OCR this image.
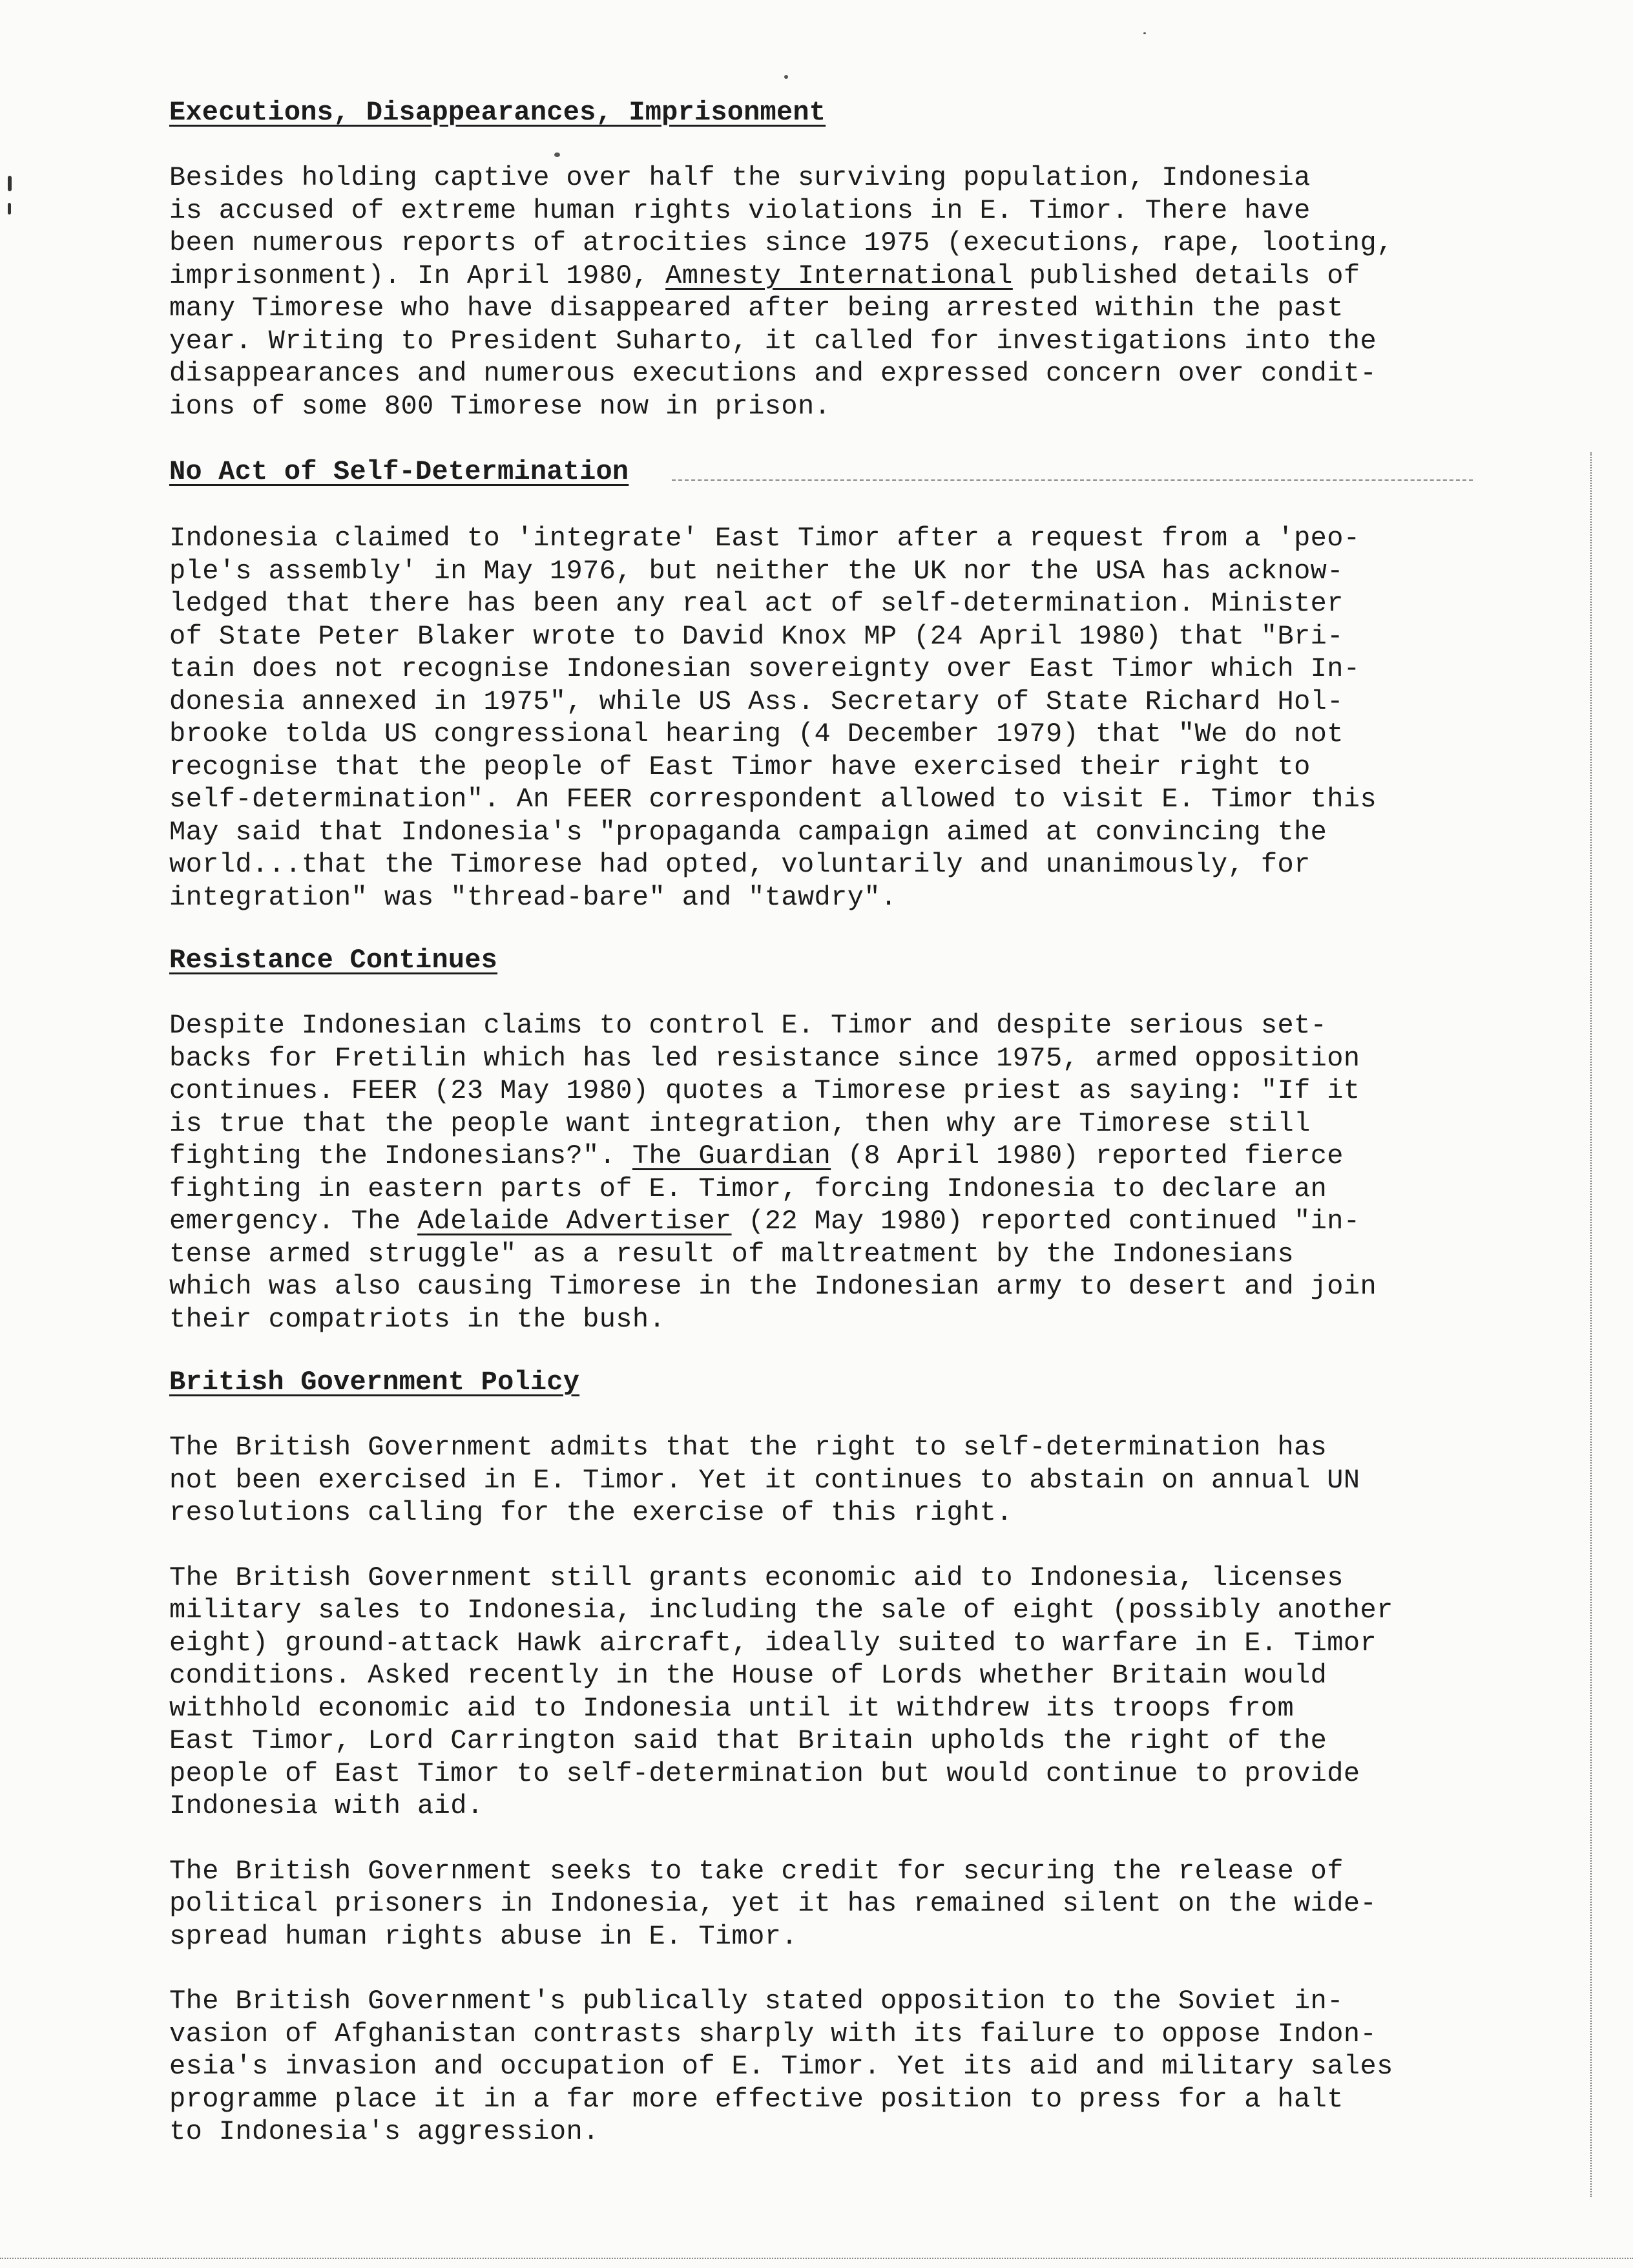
Executions, Disappearances, Imprisonment
Besides holding captive over half the surviving population, Indonesia
is accused of extreme human rights violations in E. Timor. There have
been numerous reports of atrocities since 1975 (executions, rape, looting,
imprisonment). In April 1980, Amnesty International published details of
many Timorese who have disappeared after being arrested within the past
year. Writing to President Suharto, it called for investigations into the
disappearances and numerous executions and expressed concern over condit-
ions of some 800 Timorese now in prison.
No Act of Self-Determination
Indonesia claimed to 'integrate' East Timor after a request from a 'peo-
ple's assembly' in May 1976, but neither the UK nor the USA has acknow-
ledged that there has been any real act of self-determination. Minister
of State Peter Blaker wrote to David Knox MP (24 April 1980) that "Bri-
tain does not recognise Indonesian sovereignty over East Timor which In-
donesia annexed in 1975", while US Ass. Secretary of State Richard Hol-
brooke tolda US congressional hearing (4 December 1979) that "We do not
recognise that the people of East Timor have exercised their right to
self-determination". An FEER correspondent allowed to visit E. Timor this
May said that Indonesia's "propaganda campaign aimed at convincing the
world...that the Timorese had opted, voluntarily and unanimously, for
integration" was "thread-bare" and "tawdry".
Resistance Continues
Despite Indonesian claims to control E. Timor and despite serious set-
backs for Fretilin which has led resistance since 1975, armed opposition
continues. FEER (23 May 1980) quotes a Timorese priest as saying: "If it
is true that the people want integration, then why are Timorese still
fighting the Indonesians?". The Guardian (8 April 1980) reported fierce
fighting in eastern parts of E. Timor, forcing Indonesia to declare an
emergency. The Adelaide Advertiser (22 May 1980) reported continued "in-
tense armed struggle" as a result of maltreatment by the Indonesians
which was also causing Timorese in the Indonesian army to desert and join
their compatriots in the bush.
British Government Policy
The British Government admits that the right to self-determination has
not been exercised in E. Timor. Yet it continues to abstain on annual UN
resolutions calling for the exercise of this right.
The British Government still grants economic aid to Indonesia, licenses
military sales to Indonesia, including the sale of eight (possibly another
eight) ground-attack Hawk aircraft, ideally suited to warfare in E. Timor
conditions. Asked recently in the House of Lords whether Britain would
withhold economic aid to Indonesia until it withdrew its troops from
East Timor, Lord Carrington said that Britain upholds the right of the
people of East Timor to self-determination but would continue to provide
Indonesia with aid.
The British Government seeks to take credit for securing the release of
political prisoners in Indonesia, yet it has remained silent on the wide-
spread human rights abuse in E. Timor.
The British Government's publically stated opposition to the Soviet in-
vasion of Afghanistan contrasts sharply with its failure to oppose Indon-
esia's invasion and occupation of E. Timor. Yet its aid and military sales
programme place it in a far more effective position to press for a halt
to Indonesia's aggression.
